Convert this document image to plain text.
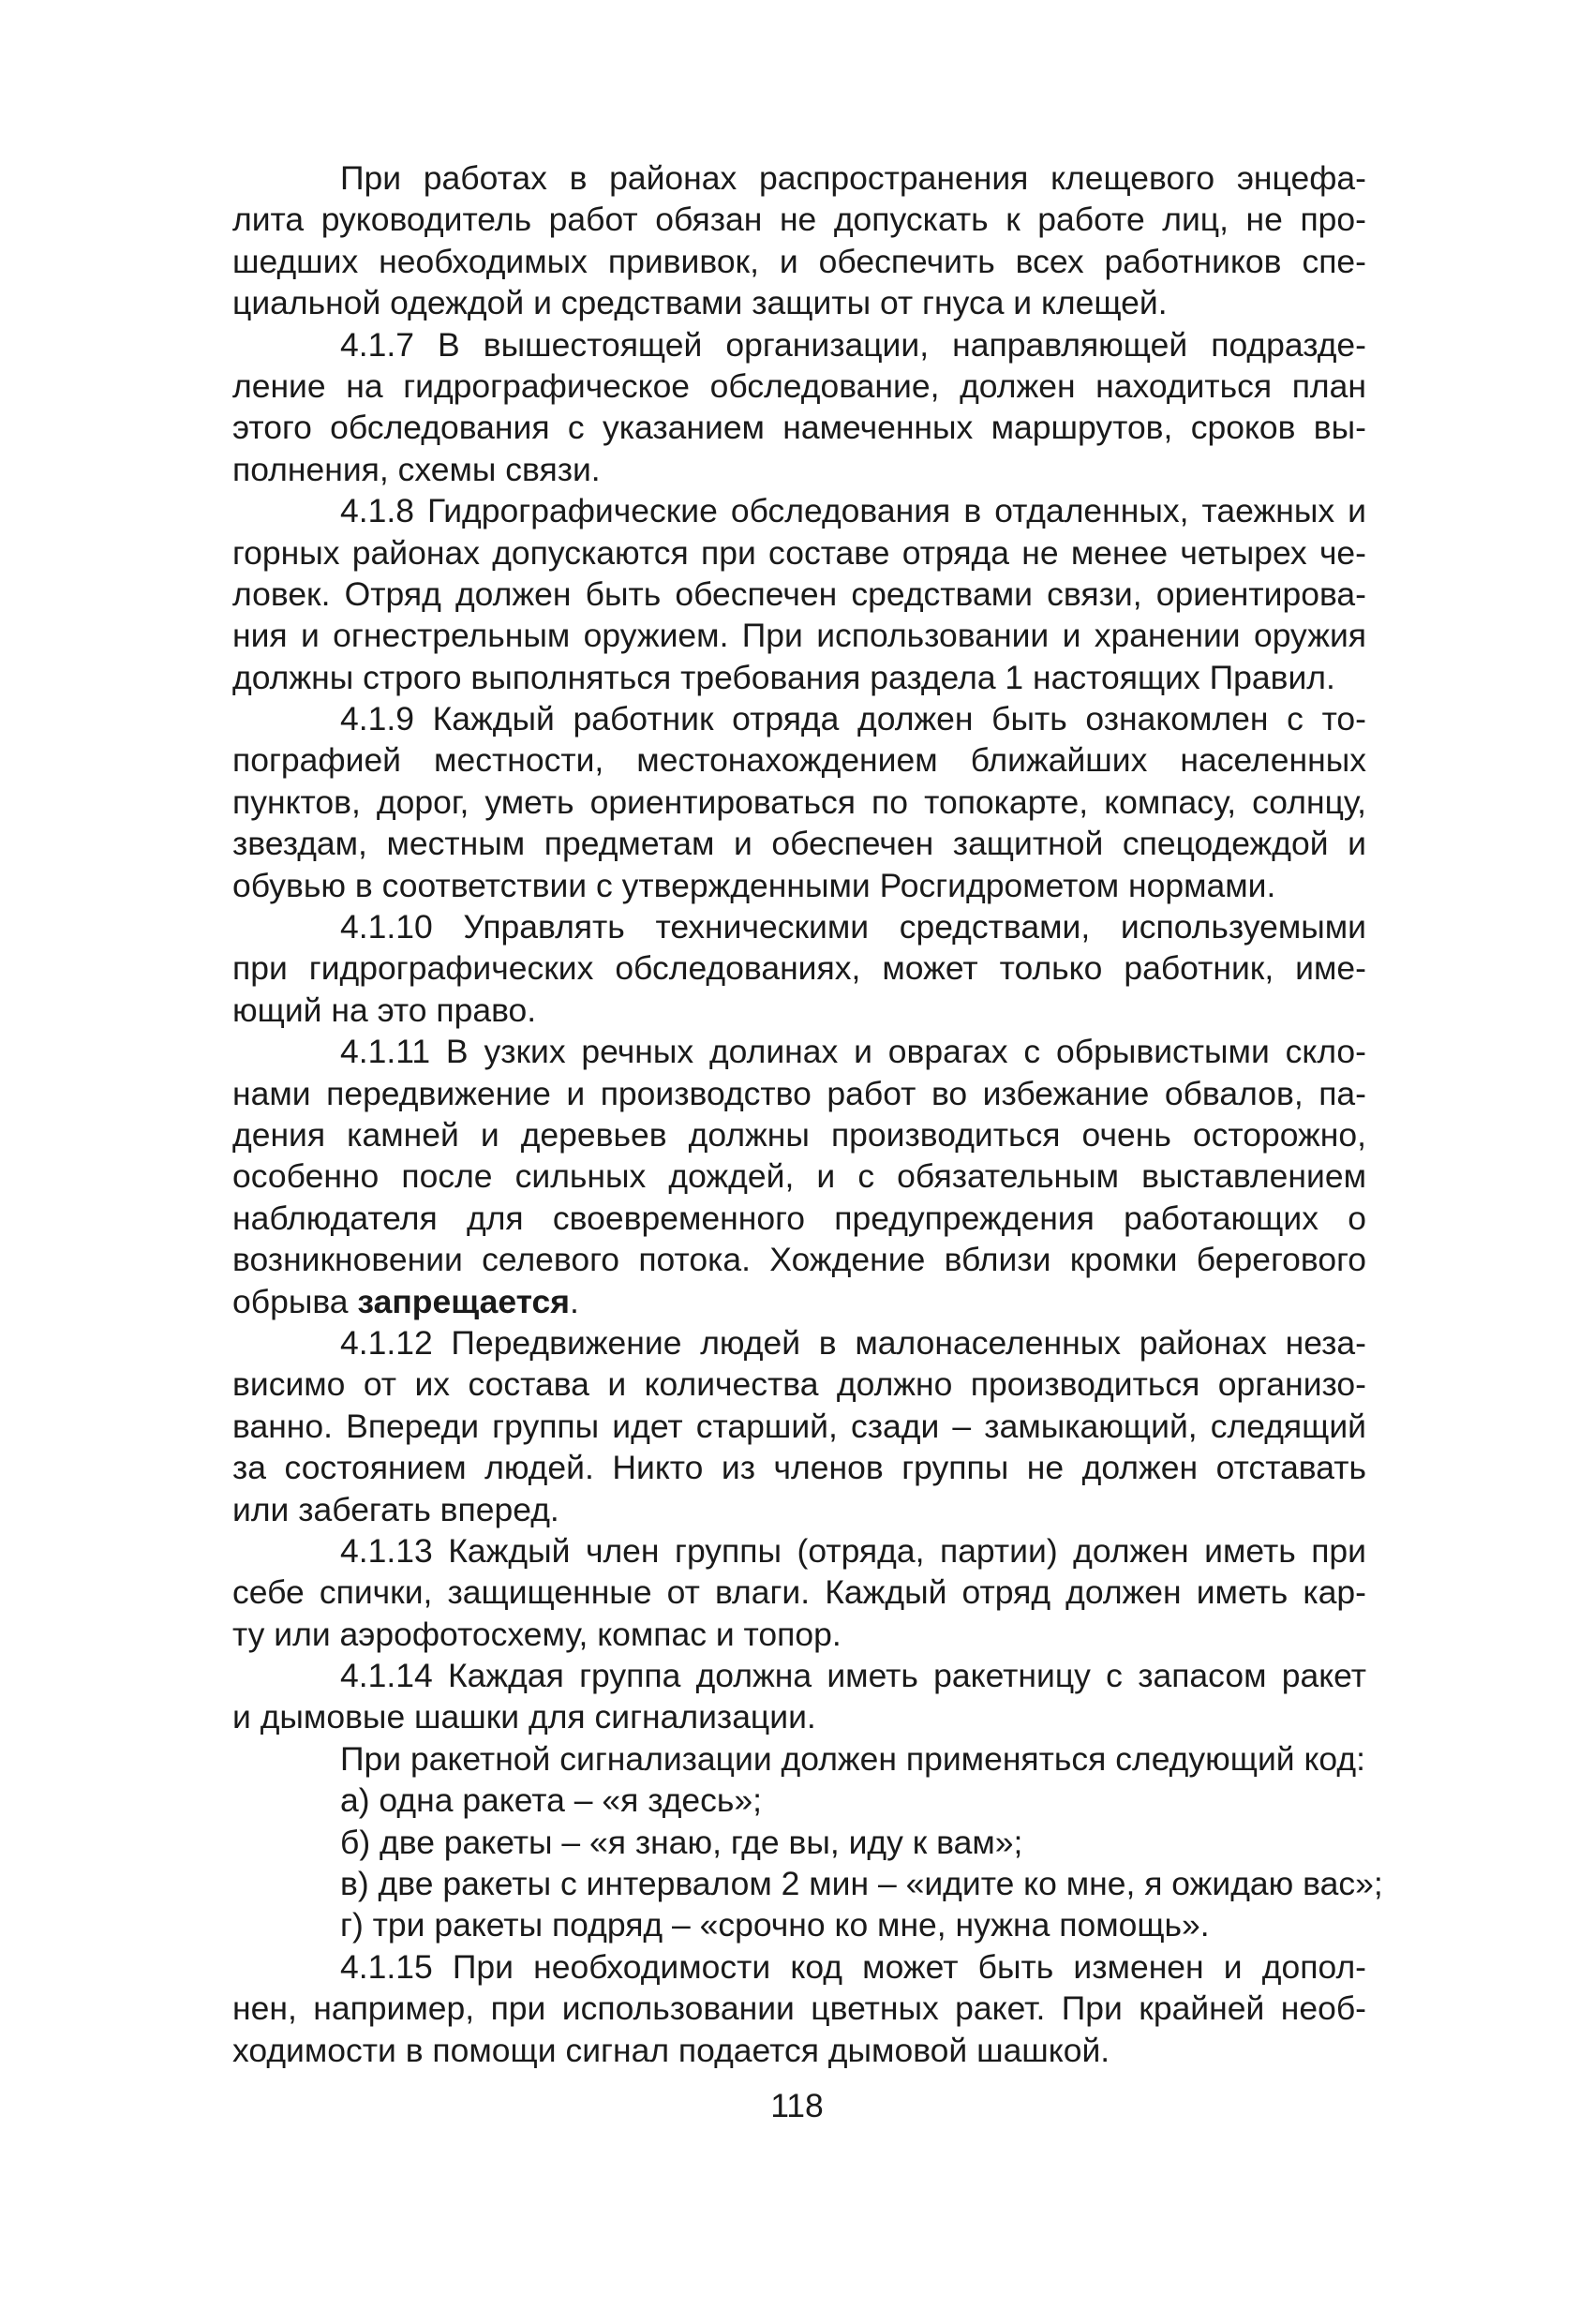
При работах в районах распространения клещевого энцефа-
лита руководитель работ обязан не допускать к работе лиц, не про-
шедших необходимых прививок, и обеспечить всех работников спе-
циальной одеждой и средствами защиты от гнуса и клещей.
4.1.7 В вышестоящей организации, направляющей подразде-
ление на гидрографическое обследование, должен находиться план
этого обследования с указанием намеченных маршрутов, сроков вы-
полнения, схемы связи.
4.1.8 Гидрографические обследования в отдаленных, таежных и
горных районах допускаются при составе отряда не менее четырех че-
ловек. Отряд должен быть обеспечен средствами связи, ориентирова-
ния и огнестрельным оружием. При использовании и хранении оружия
должны строго выполняться требования раздела 1 настоящих Правил.
4.1.9 Каждый работник отряда должен быть ознакомлен с то-
пографией местности, местонахождением ближайших населенных
пунктов, дорог, уметь ориентироваться по топокарте, компасу, солнцу,
звездам, местным предметам и обеспечен защитной спецодеждой и
обувью в соответствии с утвержденными Росгидрометом нормами.
4.1.10 Управлять техническими средствами, используемыми
при гидрографических обследованиях, может только работник, име-
ющий на это право.
4.1.11 В узких речных долинах и оврагах с обрывистыми скло-
нами передвижение и производство работ во избежание обвалов, па-
дения камней и деревьев должны производиться очень осторожно,
особенно после сильных дождей, и с обязательным выставлением
наблюдателя для своевременного предупреждения работающих о
возникновении селевого потока. Хождение вблизи кромки берегового
обрыва запрещается.
4.1.12 Передвижение людей в малонаселенных районах неза-
висимо от их состава и количества должно производиться организо-
ванно. Впереди группы идет старший, сзади – замыкающий, следящий
за состоянием людей. Никто из членов группы не должен отставать
или забегать вперед.
4.1.13 Каждый член группы (отряда, партии) должен иметь при
себе спички, защищенные от влаги. Каждый отряд должен иметь кар-
ту или аэрофотосхему, компас и топор.
4.1.14 Каждая группа должна иметь ракетницу с запасом ракет
и дымовые шашки для сигнализации.
При ракетной сигнализации должен применяться следующий код:
а) одна ракета – «я здесь»;
б) две ракеты – «я знаю, где вы, иду к вам»;
в) две ракеты с интервалом 2 мин – «идите ко мне, я ожидаю вас»;
г) три ракеты подряд – «срочно ко мне, нужна помощь».
4.1.15 При необходимости код может быть изменен и допол-
нен, например, при использовании цветных ракет. При крайней необ-
ходимости в помощи сигнал подается дымовой шашкой.
118
